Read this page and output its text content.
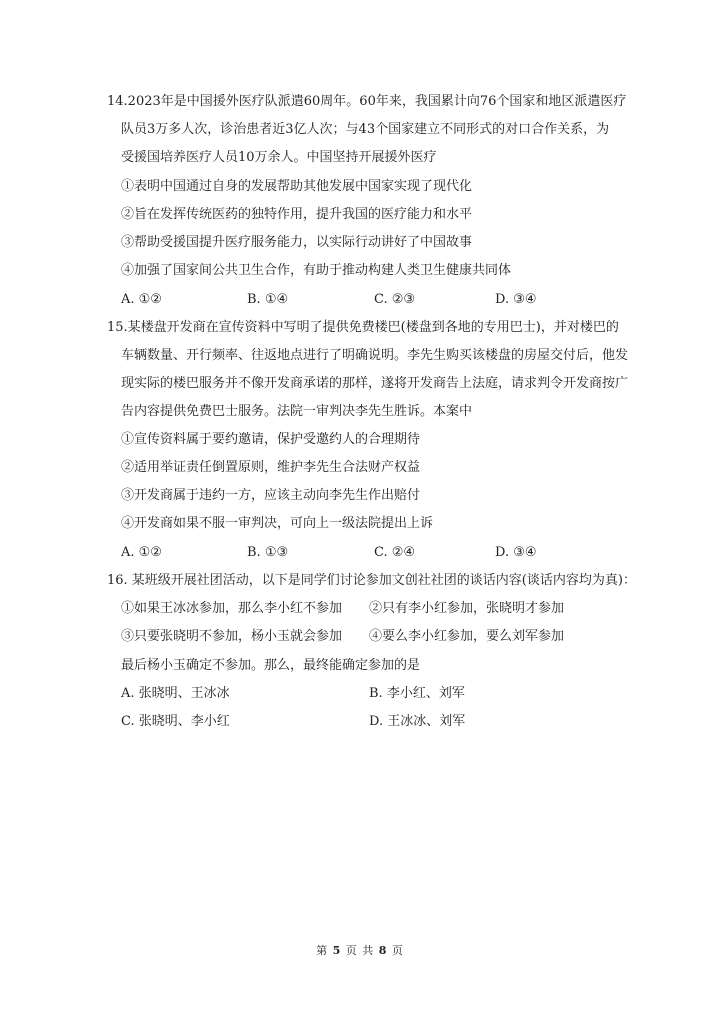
14.2023年是中国援外医疗队派遣60周年。60年来，我国累计向76个国家和地区派遣医疗
队员3万多人次，诊治患者近3亿人次；与43个国家建立不同形式的对口合作关系，为
受援国培养医疗人员10万余人。中国坚持开展援外医疗
①表明中国通过自身的发展帮助其他发展中国家实现了现代化
②旨在发挥传统医药的独特作用，提升我国的医疗能力和水平
③帮助受援国提升医疗服务能力，以实际行动讲好了中国故事
④加强了国家间公共卫生合作，有助于推动构建人类卫生健康共同体
A. ①②	B. ①④	C. ②③	D. ③④
15.某楼盘开发商在宣传资料中写明了提供免费楼巴(楼盘到各地的专用巴士)，并对楼巴的
车辆数量、开行频率、往返地点进行了明确说明。李先生购买该楼盘的房屋交付后，他发
现实际的楼巴服务并不像开发商承诺的那样，遂将开发商告上法庭，请求判令开发商按广
告内容提供免费巴士服务。法院一审判决李先生胜诉。本案中
①宣传资料属于要约邀请，保护受邀约人的合理期待
②适用举证责任倒置原则，维护李先生合法财产权益
③开发商属于违约一方，应该主动向李先生作出赔付
④开发商如果不服一审判决，可向上一级法院提出上诉
A. ①②	B. ①③	C. ②④	D. ③④
16. 某班级开展社团活动，以下是同学们讨论参加文创社社团的谈话内容(谈话内容均为真)：
①如果王冰冰参加，那么李小红不参加 ②只有李小红参加，张晓明才参加
③只要张晓明不参加，杨小玉就会参加 ④要么李小红参加，要么刘军参加
最后杨小玉确定不参加。那么，最终能确定参加的是
A. 张晓明、王冰冰	B. 李小红、刘军
C. 张晓明、李小红	D. 王冰冰、刘军
第 5 页 共 8 页
